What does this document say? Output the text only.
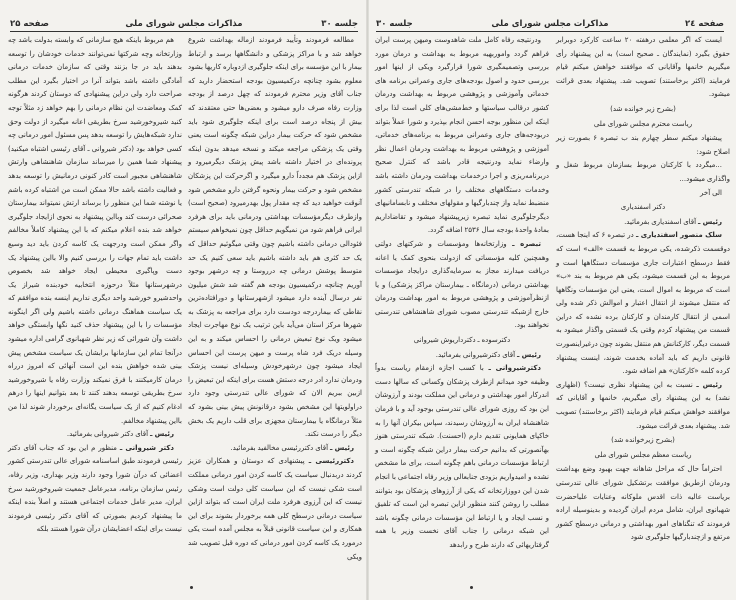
صفحه ۲۵	مذاکرات مجلس شورای ملی	جلسه ۳۰

مطالعه فرمودند وتأیید فرمودند ازماله بهداشت شروع خواهد شد و با مراکز پزشکی و دانشگاهها برسد و ارتباط بیمار با این مؤسسه برای اینکه جلوگیری ازدوباره کاریها بشود معلوم بشود چنانچه درکمیسیون بودجه استحضار دارید که جناب آقای وزیر محترم فرمودند که چهل درصد از بودجه وزارت رفاه صرف دارو میشود و بعضی‌ها حتی معتقدند که بیش از پنجاه درصد است برای اینکه جلوگیری شود باید مشخص شود که حرکت بیمار دراین شبکه چگونه است یعنی وقتی یک پزشکی مراجعه میکند و نسخه میدهد بدون اینکه پرونده‌ای در اختیار داشته باشد پیش پزشک دیگرمیرود و ازاین پزشک هم مجدداً دارو میگیرد و اگرحرکت این پزشکان مشخص شود و حرکت بیمار ونحوه گرفتن دارو مشخص شود آنوقت خواهید دید که چه مقدار پول بهدرمیرود (صحیح است) وازطرف دیگرمؤسسات بهداشتی ودرمانی باید برای هرفرد ایرانی فراهم شود من نمیگویم حداقل چون نمیخواهم سیستم فئودالی درمانی داشته باشیم چون وقتی میگوئیم حداقل که یک حد کثری هم باید داشته باشیم باید سعی کنیم یک حد متوسط پوشش درمانی چه درروستا و چه درشهر بوجود آوریم چنانچه درکمیسیون بودجه هم گفته شد شش میلیون نفر درسال آینده دارد میشود ازشهرستانها و دورافتاده‌ترین نقاطی که بیماردرجه دودست دارد برای مراجعه به پزشک به شهرها مرکز استان می‌آید باین ترتیب یک نوع مهاجرت ایجاد میشود ویک نوع تبعیض درمانی را احساس میکند و به این وسیله دریک فرد شاه پرست و میهن پرست این احساس ایجاد میشود چون درشهرخودش وسیله‌ای نیست پزشک ودرمان ندارد ادر درجه دستش هست برای اینکه این تبعیض را ازبین ببریم الان که شورای عالی تندرستی وجود دارد دراولویتها این مشخص بشود درقانونش پیش بینی بشود که مثلاً درمانگاه یا بیمارستان مجهزی برای قلب داریم یک بخش دیگر را درست نکند.

رئیس ـ آقای دکتررئیسی مخالفید بفرمائید.

دکتررئیسی ـ پیشنهادی که دوستان و همکاران عزیز کردند دربدنبال سیاست یک کاسه کردن امور درمانی مملکت است شکی نیست که این سیاست کلی دولت است وشکی نیست که این آرزوی هرفرد ملت ایران است که بتواند ازاین سیاست درمانی درسطح کلی همه برخوردار بشوند برای این همکاری و این سیاست قانونی قبلاً به مجلس آمده است یکی درمورد یک کاسه کردن امور درمانی که دوره قبل تصویب شد ویکی

هم مربوط باینکه هیچ سازمانی که وابسته بدولت باشد چه وزارتخانه وچه شرکتها نمی‌توانند خدمات خودشان را توسعه بدهند باید در جا بزنند وقتی که سازمان خدمات درمانی آمادگی داشته باشد بتواند آنرا در اختیار بگیرد این مطلب صراحت دارد ولی دراین پیشنهادی که دوستان کردند هرگونه کمک ومعاضدت این نظام درمانی را بهم خواهد زد مثلاً توجه کنید شیروخورشید سرخ بطریقی اعانه میگیرد از دولت وحق ندارد شبکه‌هایش را توسعه بدهد پس مسئول امور درمانی چه کسی خواهد بود (دکتر شیروانی ـ آقای رئیسی اشتباه میکنید) پیشنهاد شما همین را میرساند سازمان شاهنشاهی وارتش شاهنشاهی مجبور است کادر کنونی درمانیش را توسعه بدهد و فعالیت داشته باشد حالا ممکن است من اشتباه کرده باشم یا نوشته شما این منظور را برساند ارتش نمیتواند بیمارستان صحرائی درست کند وبااین پیشنهاد به نحوی ازایجاد جلوگیری خواهد شد بنده اعلام میکنم که با این پیشنهاد کاملاً مخالفم واگر ممکن است ودرجهت یک کاسه کردن باید دید وسیع داشت باید تمام جهات را بررسی کنیم والا بااین پیشنهاد یک دست وپاگیری محیطی ایجاد خواهد شد بخصوص درشهرستانها مثلاً درحوزه انتخابیه خودبنده شیراز یک واحدشیرو خورشید واحد دیگری نداریم اینسه بنده موافقم که یک سیاست هماهنگ درمانی داشته باشیم ولی اگر اینگونه مؤسسات را با این پیشنهاد حذف کنید نگها وابستگی خواهد داشت وآن شورائی که زیر نظر شهبانوی گرامی اداره میشود درآنجا تمام این سازمانها برابشان یک سیاست مشخص پیش بینی شده خواهش بنده این است آنهائی که امروز درراه درمان کارمیکنند با فرق نمیکند وزارت رفاه یا شیروخورشید سرخ بطریقی توسعه بدهند کنند تا بعد بتوانیم اینها را درهم ادغام کنیم که از یک سیاست یگانه‌ای برخوردار شوند لذا من بااین پیشنهاد مخالفم.

رئیس ـ آقای دکتر شیروانی بفرمائید.

دکتر شیروانی ـ منظور م این بود که جناب آقای دکتر رئیسی فرمودند طبق اساسنامه شورای عالی تندرستی کشور اعضائی که درآن شورا وجود دارند وزیر بهداری، وزیر رفاه، رئیس سازمان برنامه، مدیرعامل جمعیت شیروخورشید سرخ ایران، مدیر عامل خدمات اجتماعی هستند و اصلاً بنده اینکه ما پیشنهاد کردیم بصورتی که آقای دکتر رئیسی فرمودند نیست برای اینکه اعضایشان درآن شورا هستند بلکه

جلسه ۳۰	مذاکرات مجلس شورای ملی	صفحه ۲٤

ایست که اگر معلمی درهفته ۲۰ ساعت کارکرد دوبرابر حقوق بگیرد (نمایندگان ـ صحیح است) به این پیشنهاد رأی میگیریم خانمها وآقایانی که موافقند خواهش میکنم قیام فرمایند (اکثر برخاستند) تصویب شد. پیشنهاد بعدی قرائت میشود.

(بشرح زیر خوانده شد)

ریاست محترم مجلس شورای ملی

پیشنهاد میکنم سطر چهارم بند ب تبصره ۶ بصورت زیر اصلاح شود:

...میگردد با کارکنان مربوط بسازمان مربوط شغل و واگذاری میشود...

الی آخر

دکتر اسفندیاری

رئیس ـ آقای اسفندیاری بفرمائید.

سلک منصور اسفندیاری ـ در تبصره ۶ که اینجا هست، دوقسمت ذکرشده، یکی مربوط به قسمت «الف» است که فقط درسطح اعتبارات جاری مؤسسات دستگاهها است و مربوط به این قسمت میشود، یکی هم مربوط به بند «ب» است که مربوط به اموال است، یعنی این مؤسسات ونگاهها که منتقل میشوند از انتقال اعتبار و اموالش ذکر شده ولی اسمی از انتقال کارمندان و کارکنان برده نشده که دراین قسمت من پیشنهاد کردم وقتی یک قسمتی واگذار میشود به قسمت دیگر، کارکنانش هم منتقل بشوند چون درغیراینصورت قانونی داریم که باید آماده بخدمت شوند، اینست پیشنهاد کرده کلمه «کارکنان» هم اضافه شود.

رئیس ـ نسبت به این پیشنهاد نظری نیست؟ (اظهاری نشد) به این پیشنهاد رأی میگیریم، خانمها و آقایانی که موافقند خواهش میکنم قیام فرمایند (اکثر برخاستند) تصویب شد. پیشنهاد بعدی قرائت میشود.

(بشرح زیرخوانده شد)

ریاست معظم مجلس شورای ملی

احتراماً حال که مراحل شاهانه جهت بهبود وضع بهداشت ودرمان ازطریق موافقت برتشکیل شورای عالی تندرستی بریاست عالیه ذات اقدس ملوکانه وعنایات علیاحضرت شهبانوی ایران، شامل مردم ایران گردیده و بدینوسیله اراده فرمودند که تنگناهای امور بهداشتی و درمانی درسطح کشور مرتفع و ازچندبارگیها جلوگیری شود

ودرنتیجه رفاه کامل ملت شاهدوست ومیهن پرست ایران فراهم گردد واموربهیه مربوط به بهداشت و درمان مورد بررسی وتصمیمگیری شورا قرارگیرد ویکی از اینها امور بررسی حدود و اصول بودجه‌های جاری وعمرانی برنامه های خدماتی وآموزشی و پژوهشی مربوط به بهداشت ودرمان کشور درقالب سیاستها و خط‌مشی‌های کلی است لذا برای اینکه این منظور بوجه احسن انجام بپذیرد و شورا عملاً بتواند دربودجه‌های جاری وعمرانی مربوط به برنامه‌های خدماتی، آموزشی و پژوهشی مربوط به بهداشت ودرمان اعمال نظر وارضاء نماید ودرنتیجه قادر باشد که کنترل صحیح دربرنامه‌ریزی و اجرا درخدمات بهداشت ودرمان داشته باشد وخدمات دستگاههای مختلف را در شبکه تندرستی کشور منضبط نماید واز چندبارگیها و مقولهای مختلف و نابسامانیهای دیگرجلوگیری نماید تبصره زیرپیشنهاد میشود و تقاضاداریم بمادهٔ واحدهٔ بودجه سال ۲۵۳۶ اضافه گردد.

تبصره ـ وزارتخانه‌ها ومؤسسات و شرکتهای دولتی وهمچنین کلیه مؤسساتی که ازدولت بنحوی کمک یا اعانه دریافت میدارند مجاز به سرمایه‌گذاری درایجاد مؤسسات بهداشتی درمانی (درمانگاه ـ بیمارستان مراکز پزشکی) و یا ازنظرآموزشی و پژوهشی مربوط به امور بهداشت ودرمان خارج ازشبکه تندرستی مصوب شورای شاهنشاهی تندرستی نخواهند بود.

دکترسوده ـ دکترداریوش شیروانی

رئیس ـ آقای دکترشیروانی بفرمائید.

دکترشیروانی ـ با کسب اجازه ازمقام ریاست بدواً وظیفه خود میدانم ازطرف پزشکان وکسانی که سالها دست اندرکار امور بهداشتی و درمانی این مملکت بودند و آرزوشان این بود که روزی شورای عالی تندرستی بوجود آید و با فرمان شاهنشاه ایران به آرزوشان رسیدند، سپاس بیکران آنها را به خاکپای همایونی تقدیم دارم (احسنت). شبکه تندرستی هنوز بهآنصورتی که بدانیم حرکت بیمار دراین شبکه چگونه است و ارتباط مؤسسات درمانی باهم چگونه است، برای ما مشخص نشده و امیدواریم بزودی جنابعالی وزیر رفاه اجتماعی با انجام شدن این دووزارتخانه که یکی از آرزوهای پزشکان بود بتوانند مطلب را روشن کنند منظور ازاین تبصره این است که تلفیق و نسب ایجاد و یا ارتباط این مؤسسات درمانی چگونه باشد این شبکه درمانی را جناب آقای نخست وزیر با همه گرفتاریهائی که دارند طرح و رابدهد
